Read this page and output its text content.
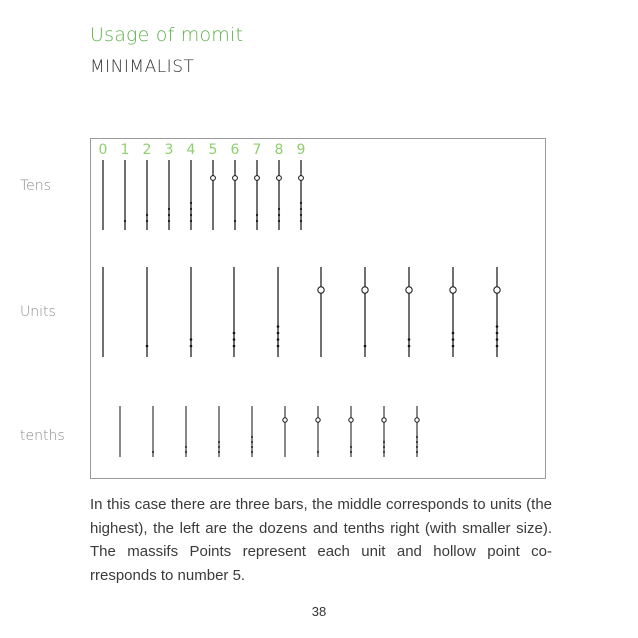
Usage of momit
MINIMALIST
Tens
Units
tenths
0 1 2 3 4 5 6 7 8 9
In this case there are three bars, the middle corresponds to units (the highest), the left are the dozens and tenths right (with smaller size). The massifs Points represent each unit and hollow point co-rresponds to number 5.
38
